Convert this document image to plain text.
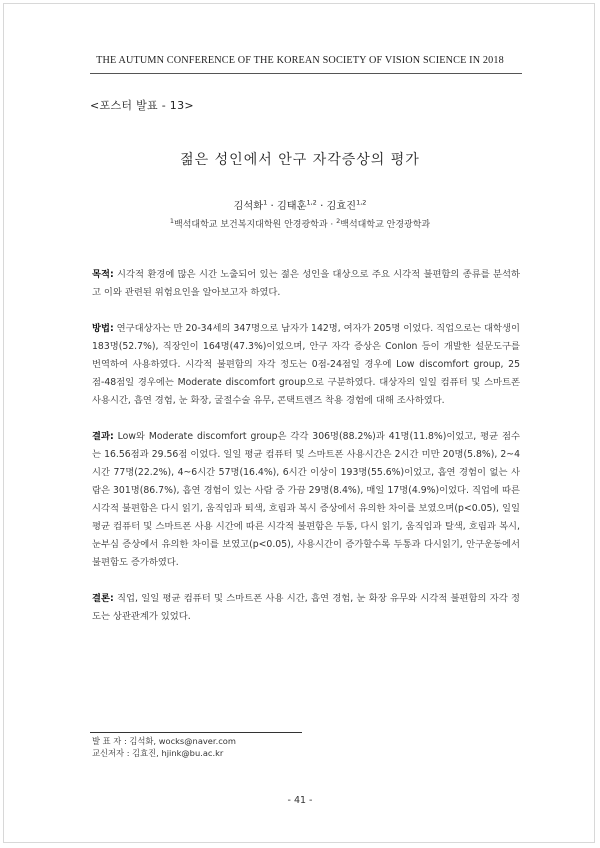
THE AUTUMN CONFERENCE OF THE KOREAN SOCIETY OF VISION SCIENCE IN 2018
<포스터 발표 - 13>
젊은 성인에서 안구 자각증상의 평가
김석화$^1$ · 김태훈$^{1,2}$ · 김효진$^{1,2}$
$^1$백석대학교 보건복지대학원 안경광학과 · $^2$백석대학교 안경광학과

목적: 시각적 환경에 많은 시간 노출되어 있는 젊은 성인을 대상으로 주요 시각적 불편함의 종류를 분석하고 이와 관련된 위험요인을 알아보고자 하였다.

방법: 연구대상자는 만 20-34세의 347명으로 남자가 142명, 여자가 205명 이었다. 직업으로는 대학생이 183명(52.7%), 직장인이 164명(47.3%)이었으며, 안구 자각 증상은 Conlon 등이 개발한 설문도구를 번역하여 사용하였다. 시각적 불편함의 자각 정도는 0점-24점일 경우에 Low discomfort group, 25점-48점일 경우에는 Moderate discomfort group으로 구분하였다. 대상자의 일일 컴퓨터 및 스마트폰 사용시간, 흡연 경험, 눈 화장, 굴절수술 유무, 콘택트렌즈 착용 경험에 대해 조사하였다.

결과: Low와 Moderate discomfort group은 각각 306명(88.2%)과 41명(11.8%)이었고, 평균 점수는 16.56점과 29.56점 이었다. 일일 평균 컴퓨터 및 스마트폰 사용시간은 2시간 미만 20명(5.8%), 2~4시간 77명(22.2%), 4~6시간 57명(16.4%), 6시간 이상이 193명(55.6%)이었고, 흡연 경험이 없는 사람은 301명(86.7%), 흡연 경험이 있는 사람 중 가끔 29명(8.4%), 매일 17명(4.9%)이었다. 직업에 따른 시각적 불편함은 다시 읽기, 움직임과 퇴색, 흐림과 복시 증상에서 유의한 차이를 보였으며(p<0.05), 일일 평균 컴퓨터 및 스마트폰 사용 시간에 따른 시각적 불편함은 두통, 다시 읽기, 움직임과 탈색, 흐림과 복시, 눈부심 증상에서 유의한 차이를 보였고(p<0.05), 사용시간이 증가할수록 두통과 다시읽기, 안구운동에서 불편함도 증가하였다.

결론: 직업, 일일 평균 컴퓨터 및 스마트폰 사용 시간, 흡연 경험, 눈 화장 유무와 시각적 불편함의 자각 정도는 상관관계가 있었다.

발 표 자 : 김석화, wocks@naver.com
교신저자 : 김효진, hjink@bu.ac.kr
- 41 -
